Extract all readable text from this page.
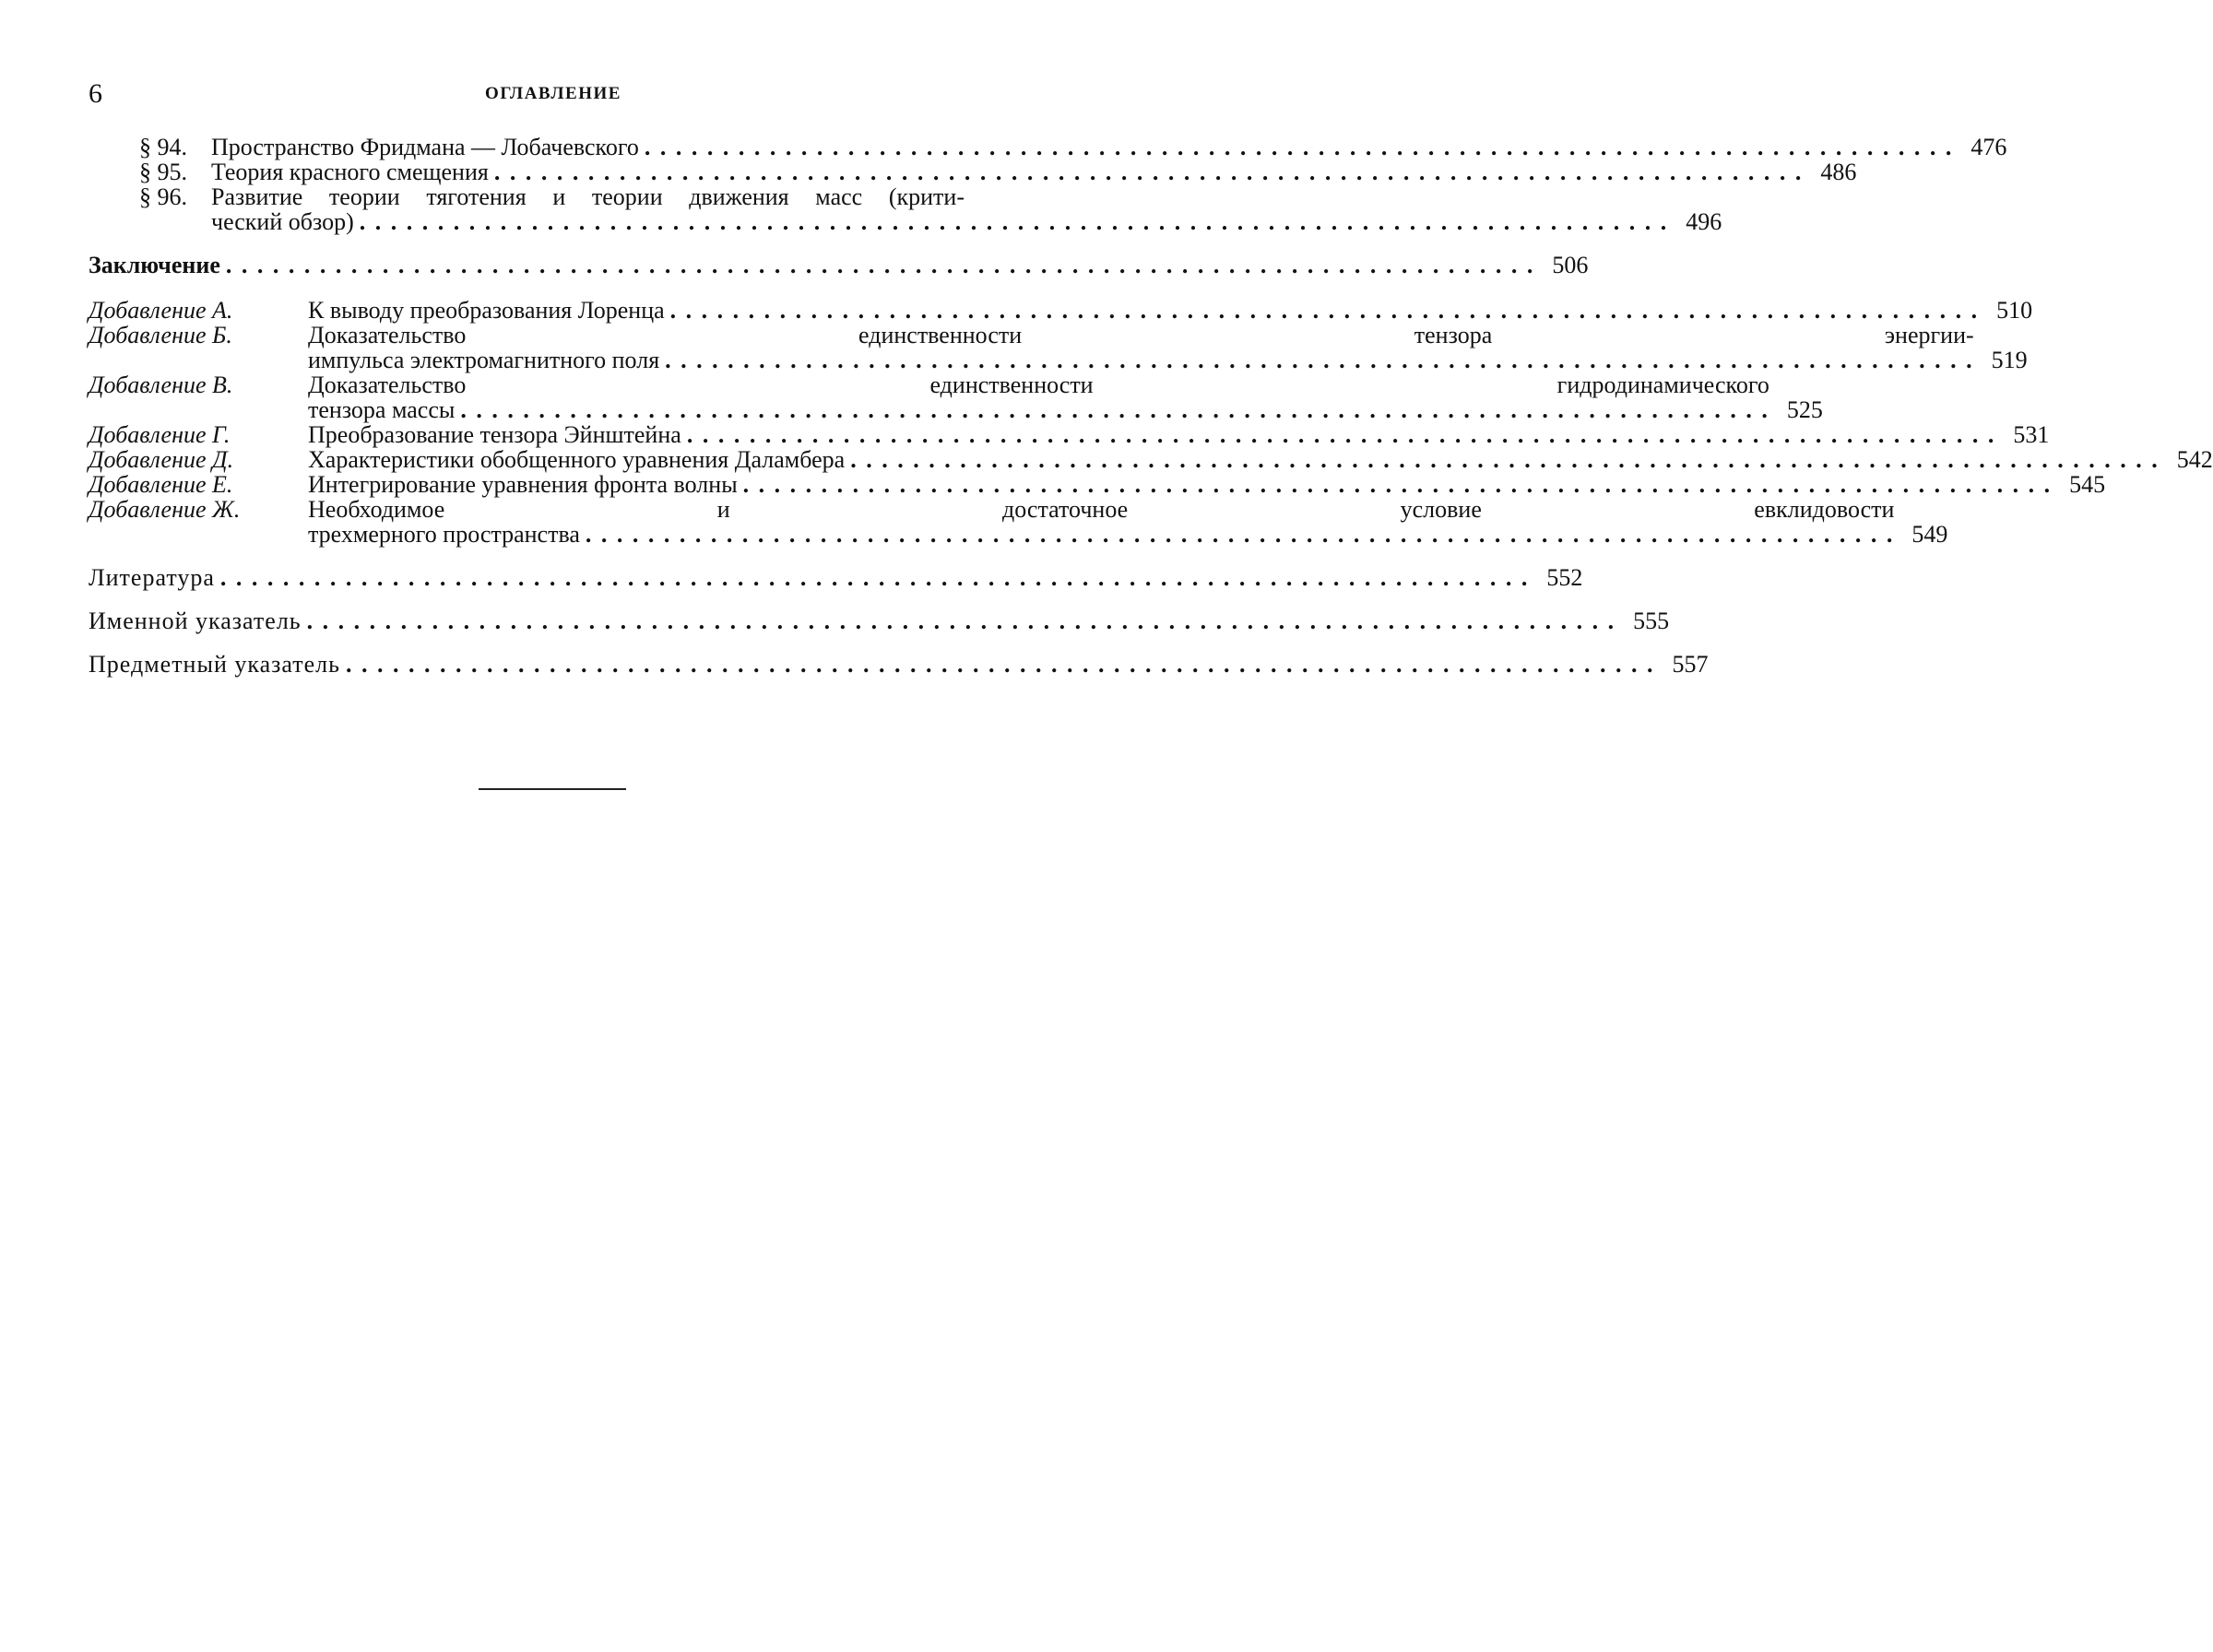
6	ОГЛАВЛЕНИЕ
§ 94. Пространство Фридмана — Лобачевского . . .	476
§ 95. Теория красного смещения . . .	486
§ 96.	Развитие теории тяготения и теории движения масс (крити-
ческий обзор) . . .	496
Заключение . . .	506
Добавление А.	К выводу преобразования Лоренца . . .	510
Добавление Б.	Доказательство единственности тензора энергии-
импульса электромагнитного поля . . .	519
Добавление В.	Доказательство единственности гидродинамического
тензора массы . . .	525
Добавление Г.	Преобразование тензора Эйнштейна . . .	531
Добавление Д.	Характеристики обобщенного уравнения Даламбера . . .	542
Добавление Е.	Интегрирование уравнения фронта волны . . .	545
Добавление Ж.	Необходимое и достаточное условие евклидовости
трехмерного пространства . . .	549
Литература . . .	552
Именной указатель . . .	555
Предметный указатель . . .	557
